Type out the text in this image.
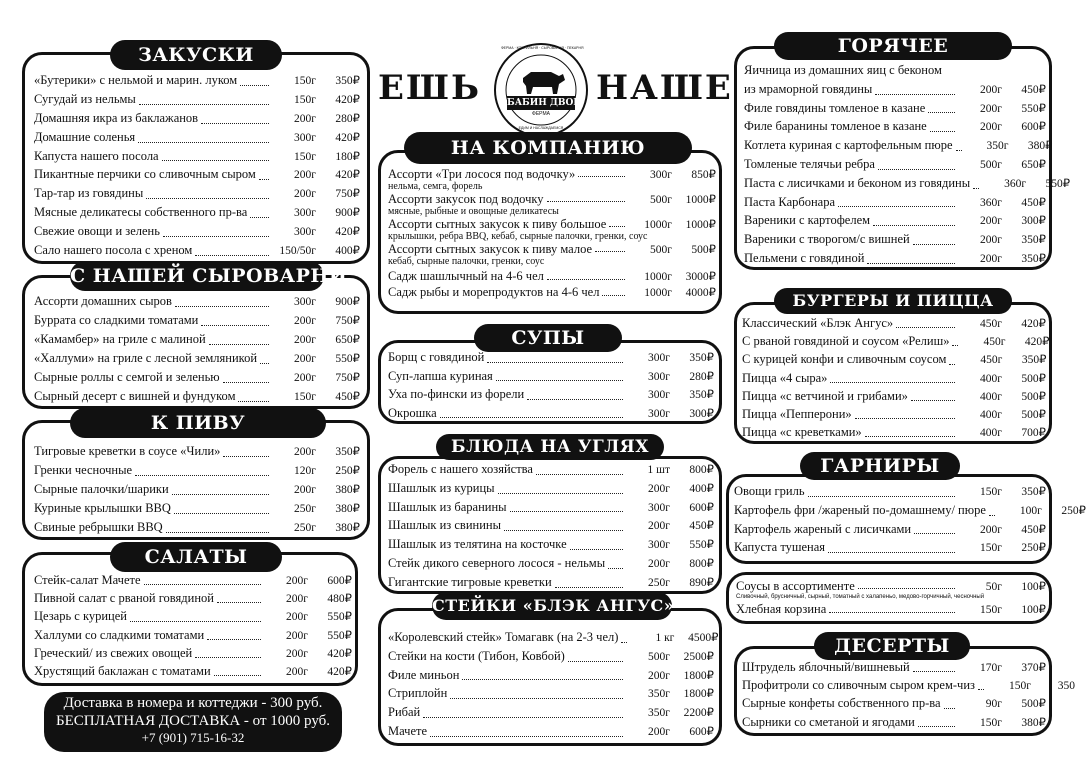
ЗАКУСКИ
«Бутерики» с нельмой и марин. луком	150г	350₽
Сугудай из нельмы	150г	420₽
Домашняя икра из баклажанов	200г	280₽
Домашние соленья	300г	420₽
Капуста нашего посола	150г	180₽
Пикантные перчики со сливочным сыром	200г	420₽
Тар-тар из говядины	200г	750₽
Мясные деликатесы собственного пр-ва	300г	900₽
Свежие овощи и зелень	300г	420₽
Сало нашего посола с хреном	150/50г	400₽
С НАШЕЙ СЫРОВАРНИ
Ассорти домашних сыров	300г	900₽
Буррата со сладкими томатами	200г	750₽
«Камамбер» на гриле с малиной	200г	650₽
«Халлуми» на гриле с лесной земляникой	200г	550₽
Сырные роллы с семгой и зеленью	200г	750₽
Сырный десерт с вишней и фундуком	150г	450₽
К ПИВУ
Тигровые креветки в соусе «Чили»	200г	350₽
Гренки чесночные	120г	250₽
Сырные палочки/шарики	200г	380₽
Куриные крылышки BBQ	250г	380₽
Свиные ребрышки BBQ	250г	380₽
САЛАТЫ
Стейк-салат Мачете	200г	600₽
Пивной салат с рваной говядиной	200г	480₽
Цезарь с курицей	200г	550₽
Халлуми со сладкими томатами	200г	550₽
Греческий/ из свежих овощей	200г	420₽
Хрустящий баклажан с томатами	200г	420₽
Доставка в номера и коттеджи - 300 руб.
БЕСПЛАТНАЯ ДОСТАВКА - от 1000 руб.
+7 (901) 715-16-32
ЕШЬ	НАШЕ
БАБИН ДВОР
ФЕРМА
ФЕРМА · КОПТИЛЬНЯ · СЫРОВАРНЯ · ПЕКАРНЯ
ЕДИМ И НАСЛАЖДАЕМСЯ
НА КОМПАНИЮ
Ассорти «Три лосося под водочку»	300г	850₽
нельма, семга, форель
Ассорти закусок под водочку	500г	1000₽
мясные, рыбные и овощные деликатесы
Ассорти сытных закусок к пиву большое	1000г	1000₽
крылышки, ребра BBQ, кебаб, сырные палочки, гренки, соус
Ассорти сытных закусок к пиву малое	500г	500₽
кебаб, сырные палочки, гренки, соус
Садж шашлычный на 4-6 чел	1000г	3000₽
Садж рыбы и морепродуктов на 4-6 чел	1000г	4000₽
СУПЫ
Борщ с говядиной	300г	350₽
Суп-лапша куриная	300г	280₽
Уха по-фински из форели	300г	350₽
Окрошка	300г	300₽
БЛЮДА НА УГЛЯХ
Форель с нашего хозяйства	1 шт	800₽
Шашлык из курицы	200г	400₽
Шашлык из баранины	300г	600₽
Шашлык из свинины	200г	450₽
Шашлык из телятина на косточке	300г	550₽
Стейк дикого северного лосося - нельмы	200г	800₽
Гигантские тигровые креветки	250г	890₽
СТЕЙКИ «БЛЭК АНГУС»
«Королевский стейк» Томагавк (на 2-3 чел)	1 кг	4500₽
Стейки на кости (Тибон, Ковбой)	500г	2500₽
Филе миньон	200г	1800₽
Стриплойн	350г	1800₽
Рибай	350г	2200₽
Мачете	200г	600₽
ГОРЯЧЕЕ
Яичница из домашних яиц с беконом
из мраморной говядины	200г	450₽
Филе говядины томленое в казане	200г	550₽
Филе баранины томленое в казане	200г	600₽
Котлета куриная с картофельным пюре	350г	380₽
Томленые телячьи ребра	500г	650₽
Паста с лисичками и беконом из говядины	360г	550₽
Паста Карбонара	360г	450₽
Вареники с картофелем	200г	300₽
Вареники с творогом/с вишней	200г	350₽
Пельмени с говядиной	200г	350₽
БУРГЕРЫ И ПИЦЦА
Классический «Блэк Ангус»	450г	420₽
С рваной говядиной и соусом «Релиш»	450г	420₽
С курицей конфи и сливочным соусом	450г	350₽
Пицца «4 сыра»	400г	500₽
Пицца «с ветчиной и грибами»	400г	500₽
Пицца «Пепперони»	400г	500₽
Пицца «с креветками»	400г	700₽
ГАРНИРЫ
Овощи гриль	150г	350₽
Картофель фри /жареный по-домашнему/ пюре	100г	250₽
Картофель жареный с лисичками	200г	450₽
Капуста тушеная	150г	250₽
Соусы в ассортименте	50г	100₽
Сливочный, брусничный, сырный, томатный с халапеньо, медово-горчичный, чесночный
Хлебная корзина	150г	100₽
ДЕСЕРТЫ
Штрудель яблочный/вишневый	170г	370₽
Профитроли со сливочным сыром крем-чиз	150г	350
Сырные конфеты собственного пр-ва	90г	500₽
Сырники со сметаной и ягодами	150г	380₽
